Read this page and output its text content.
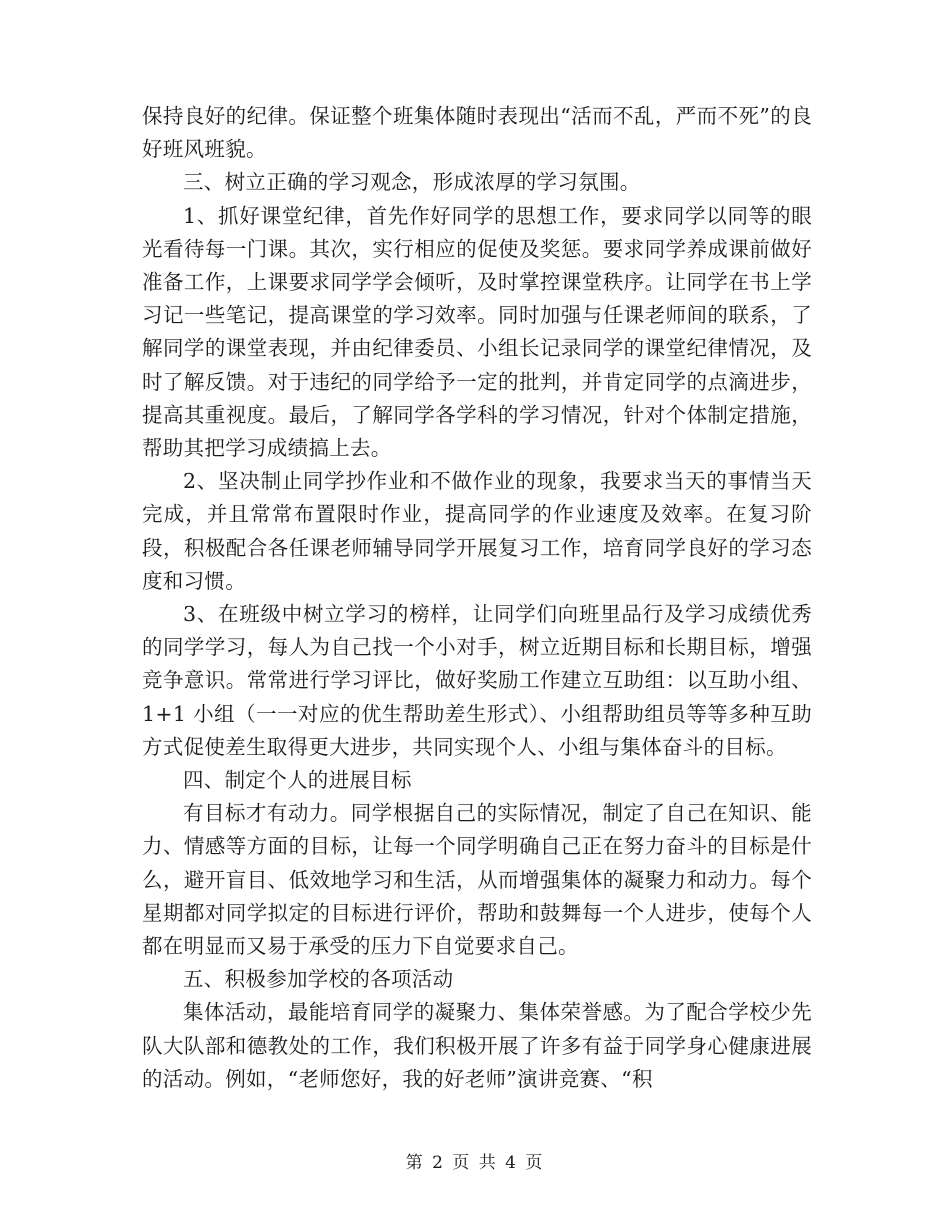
保持良好的纪律。保证整个班集体随时表现出“活而不乱，严而不死”的良好班风班貌。

三、树立正确的学习观念，形成浓厚的学习氛围。

1、抓好课堂纪律，首先作好同学的思想工作，要求同学以同等的眼光看待每一门课。其次，实行相应的促使及奖惩。要求同学养成课前做好准备工作，上课要求同学学会倾听，及时掌控课堂秩序。让同学在书上学习记一些笔记，提高课堂的学习效率。同时加强与任课老师间的联系，了解同学的课堂表现，并由纪律委员、小组长记录同学的课堂纪律情况，及时了解反馈。对于违纪的同学给予一定的批判，并肯定同学的点滴进步，提高其重视度。最后，了解同学各学科的学习情况，针对个体制定措施，帮助其把学习成绩搞上去。

2、坚决制止同学抄作业和不做作业的现象，我要求当天的事情当天完成，并且常常布置限时作业，提高同学的作业速度及效率。在复习阶段，积极配合各任课老师辅导同学开展复习工作，培育同学良好的学习态度和习惯。

3、在班级中树立学习的榜样，让同学们向班里品行及学习成绩优秀的同学学习，每人为自己找一个小对手，树立近期目标和长期目标，增强竞争意识。常常进行学习评比，做好奖励工作建立互助组：以互助小组、1+1 小组（一一对应的优生帮助差生形式）、小组帮助组员等等多种互助方式促使差生取得更大进步，共同实现个人、小组与集体奋斗的目标。

四、制定个人的进展目标

有目标才有动力。同学根据自己的实际情况，制定了自己在知识、能力、情感等方面的目标，让每一个同学明确自己正在努力奋斗的目标是什么，避开盲目、低效地学习和生活，从而增强集体的凝聚力和动力。每个星期都对同学拟定的目标进行评价，帮助和鼓舞每一个人进步，使每个人都在明显而又易于承受的压力下自觉要求自己。

五、积极参加学校的各项活动

集体活动，最能培育同学的凝聚力、集体荣誉感。为了配合学校少先队大队部和德教处的工作，我们积极开展了许多有益于同学身心健康进展的活动。例如，“老师您好，我的好老师”演讲竞赛、“积

第 2 页 共 4 页
